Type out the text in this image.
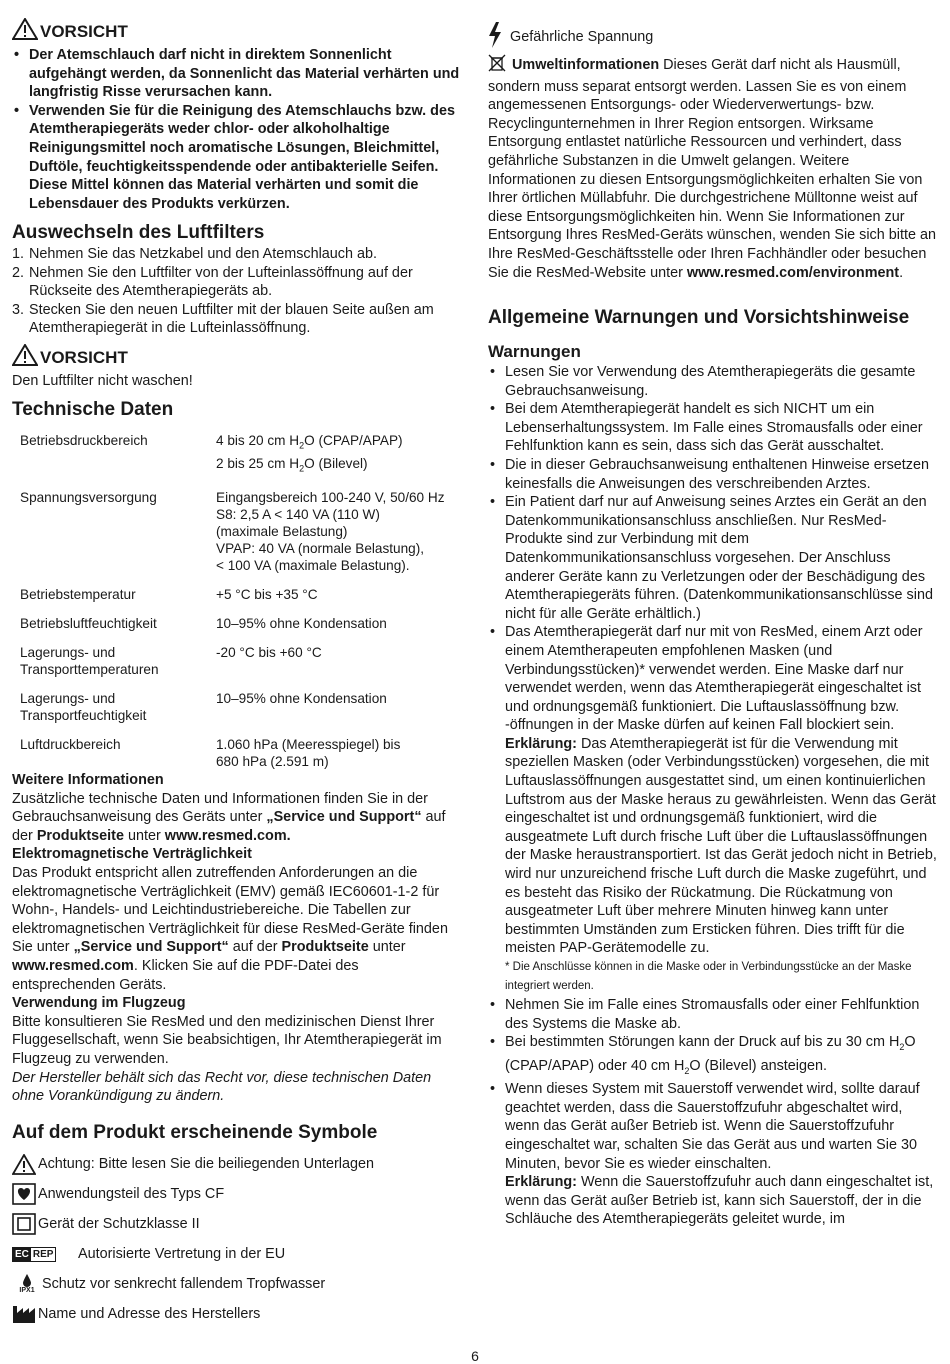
VORSICHT
• Der Atemschlauch darf nicht in direktem Sonnenlicht aufgehängt werden, da Sonnenlicht das Material verhärten und langfristig Risse verursachen kann.
• Verwenden Sie für die Reinigung des Atemschlauchs bzw. des Atemtherapiegeräts weder chlor- oder alkoholhaltige Reinigungsmittel noch aromatische Lösungen, Bleichmittel, Duftöle, feuchtigkeitsspendende oder antibakterielle Seifen. Diese Mittel können das Material verhärten und somit die Lebensdauer des Produkts verkürzen.
Auswechseln des Luftfilters
1. Nehmen Sie das Netzkabel und den Atemschlauch ab.
2. Nehmen Sie den Luftfilter von der Lufteinlassöffnung auf der Rückseite des Atemtherapiegeräts ab.
3. Stecken Sie den neuen Luftfilter mit der blauen Seite außen am Atemtherapiegerät in die Lufteinlassöffnung.
VORSICHT

Den Luftfilter nicht waschen!

Technische Daten
Betriebsdruckbereich	4 bis 20 cm $H_2O$ (CPAP/APAP)
2 bis 25 cm $H_2O$ (Bilevel)

Spannungsversorgung	Eingangsbereich 100-240 V, 50/60 Hz
S8: 2,5 A < 140 VA (110 W)
(maximale Belastung)
VPAP: 40 VA (normale Belastung),
< 100 VA (maximale Belastung).

Betriebstemperatur	+5 °C bis +35 °C
Betriebsluftfeuchtigkeit	10–95% ohne Kondensation

Lagerungs- und
Transporttemperaturen	-20 °C bis +60 °C

Lagerungs- und
Transportfeuchtigkeit	10–95% ohne Kondensation
Luftdruckbereich	1.060 hPa (Meeresspiegel) bis
680 hPa (2.591 m)
Weitere Informationen

Zusätzliche technische Daten und Informationen finden Sie in der Gebrauchsanweisung des Geräts unter „Service und Support“ auf der Produktseite unter www.resmed.com.

Elektromagnetische Verträglichkeit

Das Produkt entspricht allen zutreffenden Anforderungen an die elektromagnetische Verträglichkeit (EMV) gemäß IEC60601-1-2 für Wohn-, Handels- und Leichtindustriebereiche. Die Tabellen zur elektromagnetischen Verträglichkeit für diese ResMed-Geräte finden Sie unter „Service und Support“ auf der Produktseite unter www.resmed.com. Klicken Sie auf die PDF-Datei des entsprechenden Geräts.

Verwendung im Flugzeug

Bitte konsultieren Sie ResMed und den medizinischen Dienst Ihrer Fluggesellschaft, wenn Sie beabsichtigen, Ihr Atemtherapiegerät im Flugzeug zu verwenden.

Der Hersteller behält sich das Recht vor, diese technischen Daten ohne Vorankündigung zu ändern.

Auf dem Produkt erscheinende Symbole
Achtung: Bitte lesen Sie die beiliegenden Unterlagen
Anwendungsteil des Typs CF
Gerät der Schutzklasse II
EC REP Autorisierte Vertretung in der EU
IPX1 Schutz vor senkrecht fallendem Tropfwasser
Name und Adresse des Herstellers
Gefährliche Spannung

Umweltinformationen Dieses Gerät darf nicht als Hausmüll, sondern muss separat entsorgt werden. Lassen Sie es von einem angemessenen Entsorgungs- oder Wiederverwertungs- bzw. Recyclingunternehmen in Ihrer Region entsorgen. Wirksame Entsorgung entlastet natürliche Ressourcen und verhindert, dass gefährliche Substanzen in die Umwelt gelangen. Weitere Informationen zu diesen Entsorgungsmöglichkeiten erhalten Sie von Ihrer örtlichen Müllabfuhr. Die durchgestrichene Mülltonne weist auf diese Entsorgungsmöglichkeiten hin. Wenn Sie Informationen zur Entsorgung Ihres ResMed-Geräts wünschen, wenden Sie sich bitte an Ihre ResMed-Geschäftsstelle oder Ihren Fachhändler oder besuchen Sie die ResMed-Website unter www.resmed.com/environment.

Allgemeine Warnungen und Vorsichtshinweise
Warnungen
• Lesen Sie vor Verwendung des Atemtherapiegeräts die gesamte Gebrauchsanweisung.
• Bei dem Atemtherapiegerät handelt es sich NICHT um ein Lebenserhaltungssystem. Im Falle eines Stromausfalls oder einer Fehlfunktion kann es sein, dass sich das Gerät ausschaltet.
• Die in dieser Gebrauchsanweisung enthaltenen Hinweise ersetzen keinesfalls die Anweisungen des verschreibenden Arztes.
• Ein Patient darf nur auf Anweisung seines Arztes ein Gerät an den Datenkommunikationsanschluss anschließen. Nur ResMed-Produkte sind zur Verbindung mit dem Datenkommunikationsanschluss vorgesehen. Der Anschluss anderer Geräte kann zu Verletzungen oder der Beschädigung des Atemtherapiegeräts führen. (Datenkommunikationsanschlüsse sind nicht für alle Geräte erhältlich.)
• Das Atemtherapiegerät darf nur mit von ResMed, einem Arzt oder einem Atemtherapeuten empfohlenen Masken (und Verbindungsstücken)* verwendet werden. Eine Maske darf nur verwendet werden, wenn das Atemtherapiegerät eingeschaltet ist und ordnungsgemäß funktioniert. Die Luftauslassöffnung bzw. -öffnungen in der Maske dürfen auf keinen Fall blockiert sein.
Erklärung: Das Atemtherapiegerät ist für die Verwendung mit speziellen Masken (oder Verbindungsstücken) vorgesehen, die mit Luftauslassöffnungen ausgestattet sind, um einen kontinuierlichen Luftstrom aus der Maske heraus zu gewährleisten. Wenn das Gerät eingeschaltet ist und ordnungsgemäß funktioniert, wird die ausgeatmete Luft durch frische Luft über die Luftauslassöffnungen der Maske heraustransportiert. Ist das Gerät jedoch nicht in Betrieb, wird nur unzureichend frische Luft durch die Maske zugeführt, und es besteht das Risiko der Rückatmung. Die Rückatmung von ausgeatmeter Luft über mehrere Minuten hinweg kann unter bestimmten Umständen zum Ersticken führen. Dies trifft für die meisten PAP-Gerätemodelle zu.
* Die Anschlüsse können in die Maske oder in Verbindungsstücke an der Maske integriert werden.
• Nehmen Sie im Falle eines Stromausfalls oder einer Fehlfunktion des Systems die Maske ab.
• Bei bestimmten Störungen kann der Druck auf bis zu 30 cm $H_2O$ (CPAP/APAP) oder 40 cm $H_2O$ (Bilevel) ansteigen.
• Wenn dieses System mit Sauerstoff verwendet wird, sollte darauf geachtet werden, dass die Sauerstoffzufuhr abgeschaltet wird, wenn das Gerät außer Betrieb ist. Wenn die Sauerstoffzufuhr eingeschaltet war, schalten Sie das Gerät aus und warten Sie 30 Minuten, bevor Sie es wieder einschalten.
Erklärung: Wenn die Sauerstoffzufuhr auch dann eingeschaltet ist, wenn das Gerät außer Betrieb ist, kann sich Sauerstoff, der in die Schläuche des Atemtherapiegeräts geleitet wurde, im
6
